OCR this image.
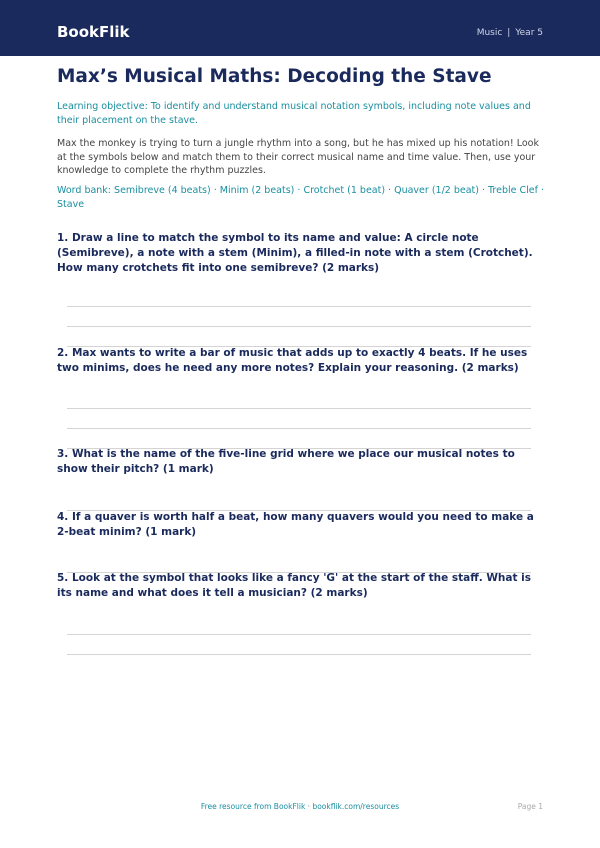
BookFlik	Music | Year 5
Max’s Musical Maths: Decoding the Stave

Learning objective: To identify and understand musical notation symbols, including note values and their placement on the stave.

Max the monkey is trying to turn a jungle rhythm into a song, but he has mixed up his notation! Look at the symbols below and match them to their correct musical name and time value. Then, use your knowledge to complete the rhythm puzzles.

Word bank: Semibreve (4 beats) · Minim (2 beats) · Crotchet (1 beat) · Quaver (1/2 beat) · Treble Clef · Stave

1. Draw a line to match the symbol to its name and value: A circle note (Semibreve), a note with a stem (Minim), a filled-in note with a stem (Crotchet). How many crotchets fit into one semibreve? (2 marks)

2. Max wants to write a bar of music that adds up to exactly 4 beats. If he uses two minims, does he need any more notes? Explain your reasoning. (2 marks)

3. What is the name of the five-line grid where we place our musical notes to show their pitch? (1 mark)

4. If a quaver is worth half a beat, how many quavers would you need to make a 2-beat minim? (1 mark)

5. Look at the symbol that looks like a fancy 'G' at the start of the staff. What is its name and what does it tell a musician? (2 marks)

Free resource from BookFlik · bookflik.com/resources	Page 1
